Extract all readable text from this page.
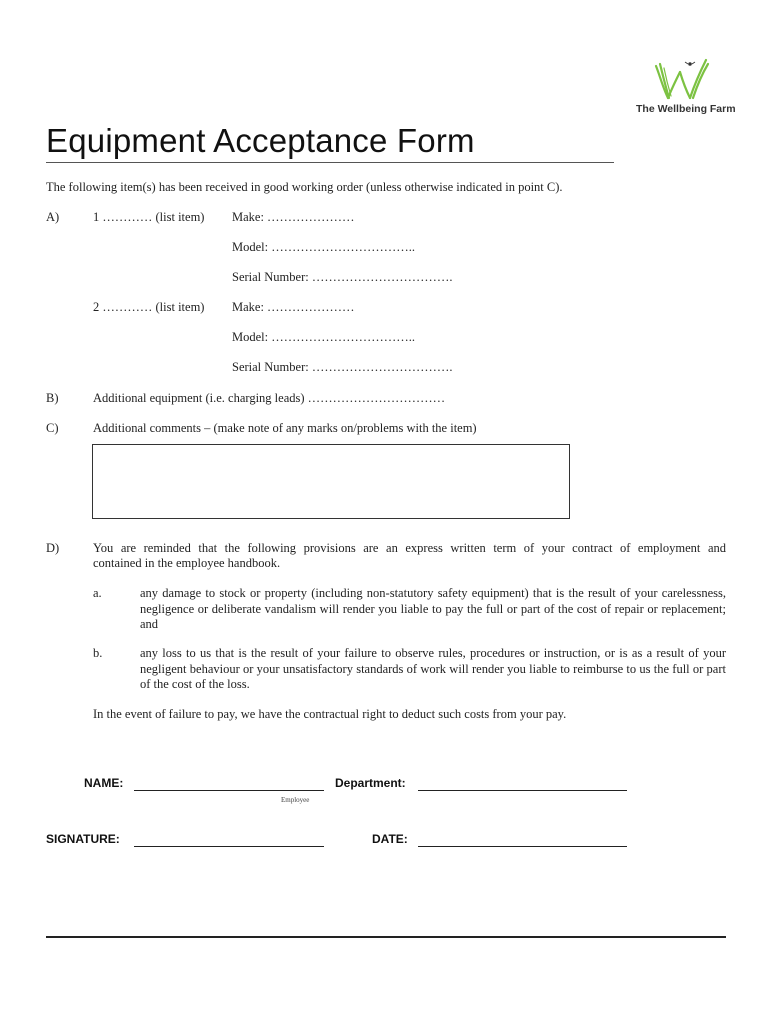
The Wellbeing Farm
Equipment Acceptance Form
The following item(s) has been received in good working order (unless otherwise indicated in point C).
A)	1 ………… (list item) Make: …………………
Model: ……………………………..
Serial Number: …………………………….
2 ………… (list item) Make: …………………
Model: ……………………………..
Serial Number: …………………………….
B)	Additional equipment (i.e. charging leads) ……………………………
C)	Additional comments – (make note of any marks on/problems with the item)
D)	You are reminded that the following provisions are an express written term of your contract of employment and
contained in the employee handbook.
a.	any damage to stock or property (including non-statutory safety equipment) that is the result of your carelessness, negligence or deliberate vandalism will render you liable to pay the full or part of the cost of repair or replacement; and
b.	any loss to us that is the result of your failure to observe rules, procedures or instruction, or is as a result of your negligent behaviour or your unsatisfactory standards of work will render you liable to reimburse to us the full or part of the cost of the loss.
In the event of failure to pay, we have the contractual right to deduct such costs from your pay.
NAME:
Employee
Department:
SIGNATURE:	DATE:
